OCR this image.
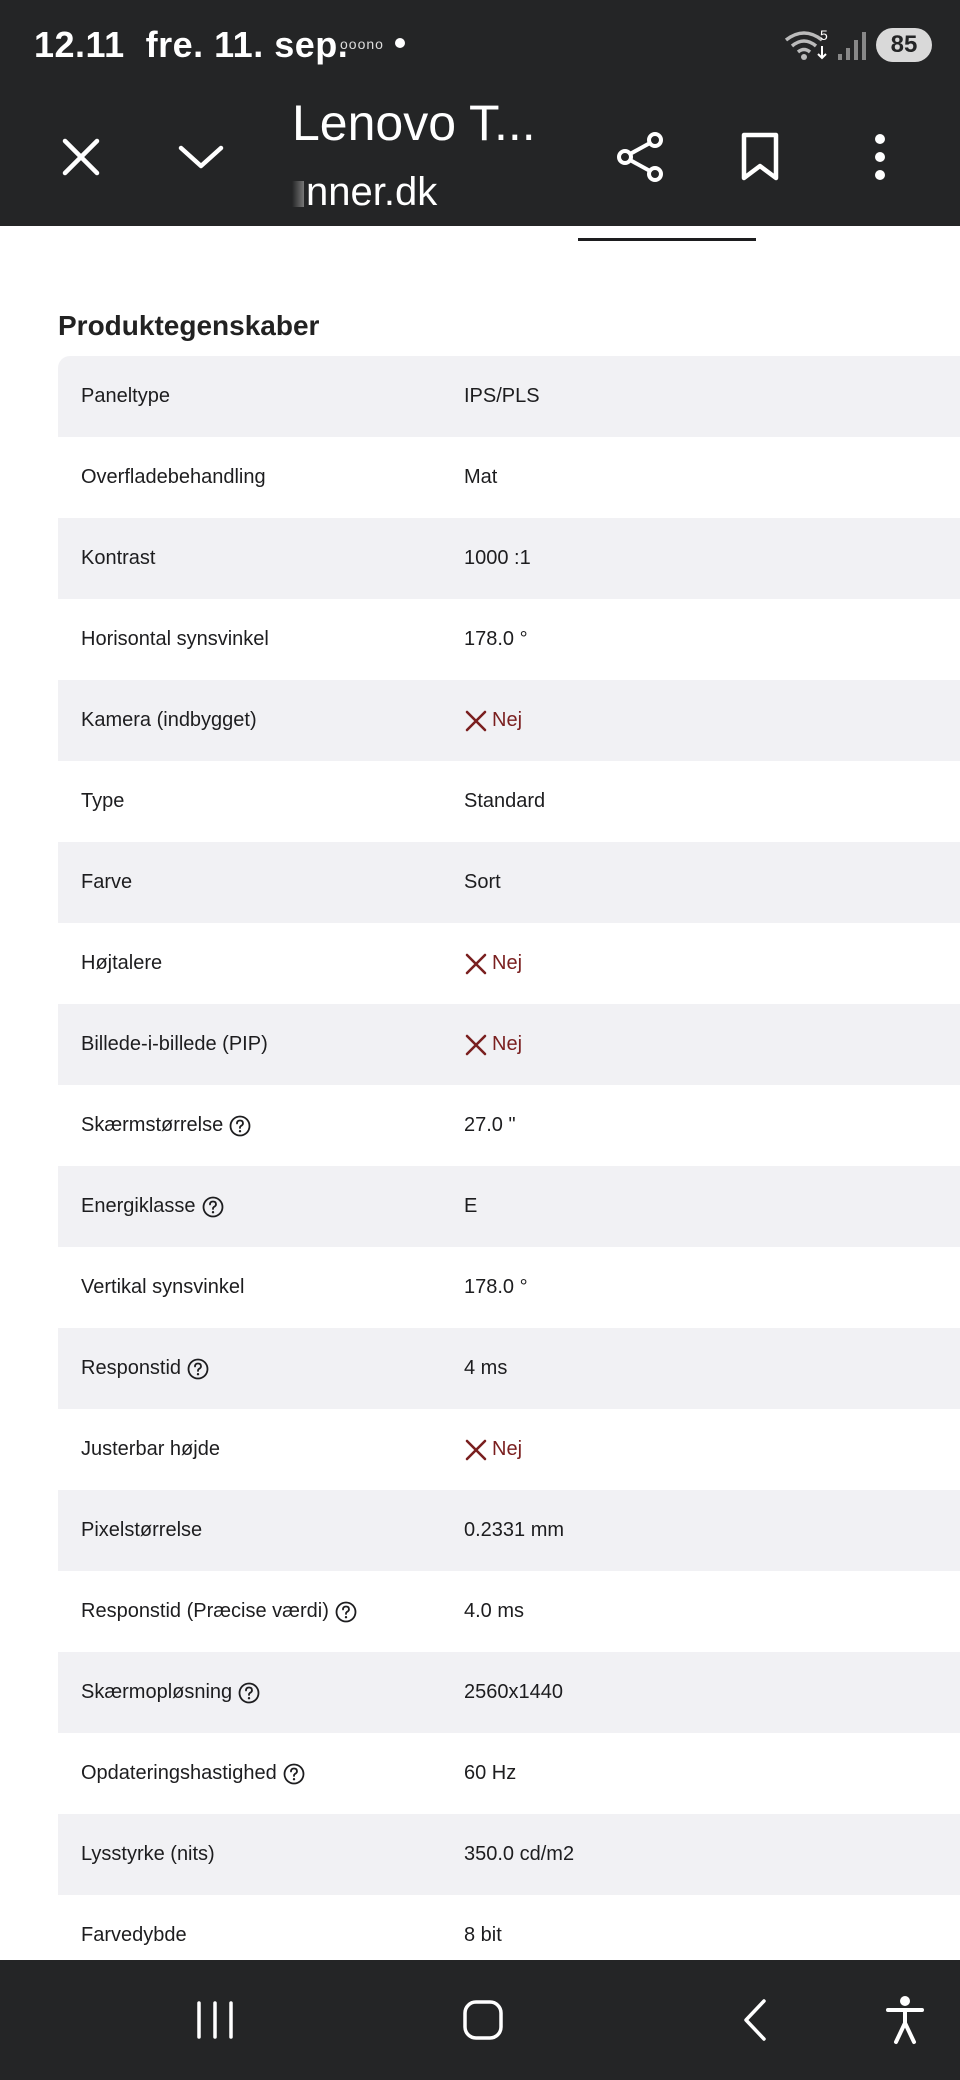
12.11 fre. 11. sep.
ooono
5	85
Lenovo T...
nner.dk
Produktegenskaber
Paneltype	IPS/PLS
Overfladebehandling	Mat
Kontrast	1000 :1
Horisontal synsvinkel	178.0 °
Kamera (indbygget)	Nej
Type	Standard
Farve	Sort
Højtalere	Nej
Billede-i-billede (PIP)	Nej
Skærmstørrelse	27.0 "
Energiklasse	E
Vertikal synsvinkel	178.0 °
Responstid	4 ms
Justerbar højde	Nej
Pixelstørrelse	0.2331 mm
Responstid (Præcise værdi)	4.0 ms
Skærmopløsning	2560x1440
Opdateringshastighed	60 Hz
Lysstyrke (nits)	350.0 cd/m2
Farvedybde	8 bit
